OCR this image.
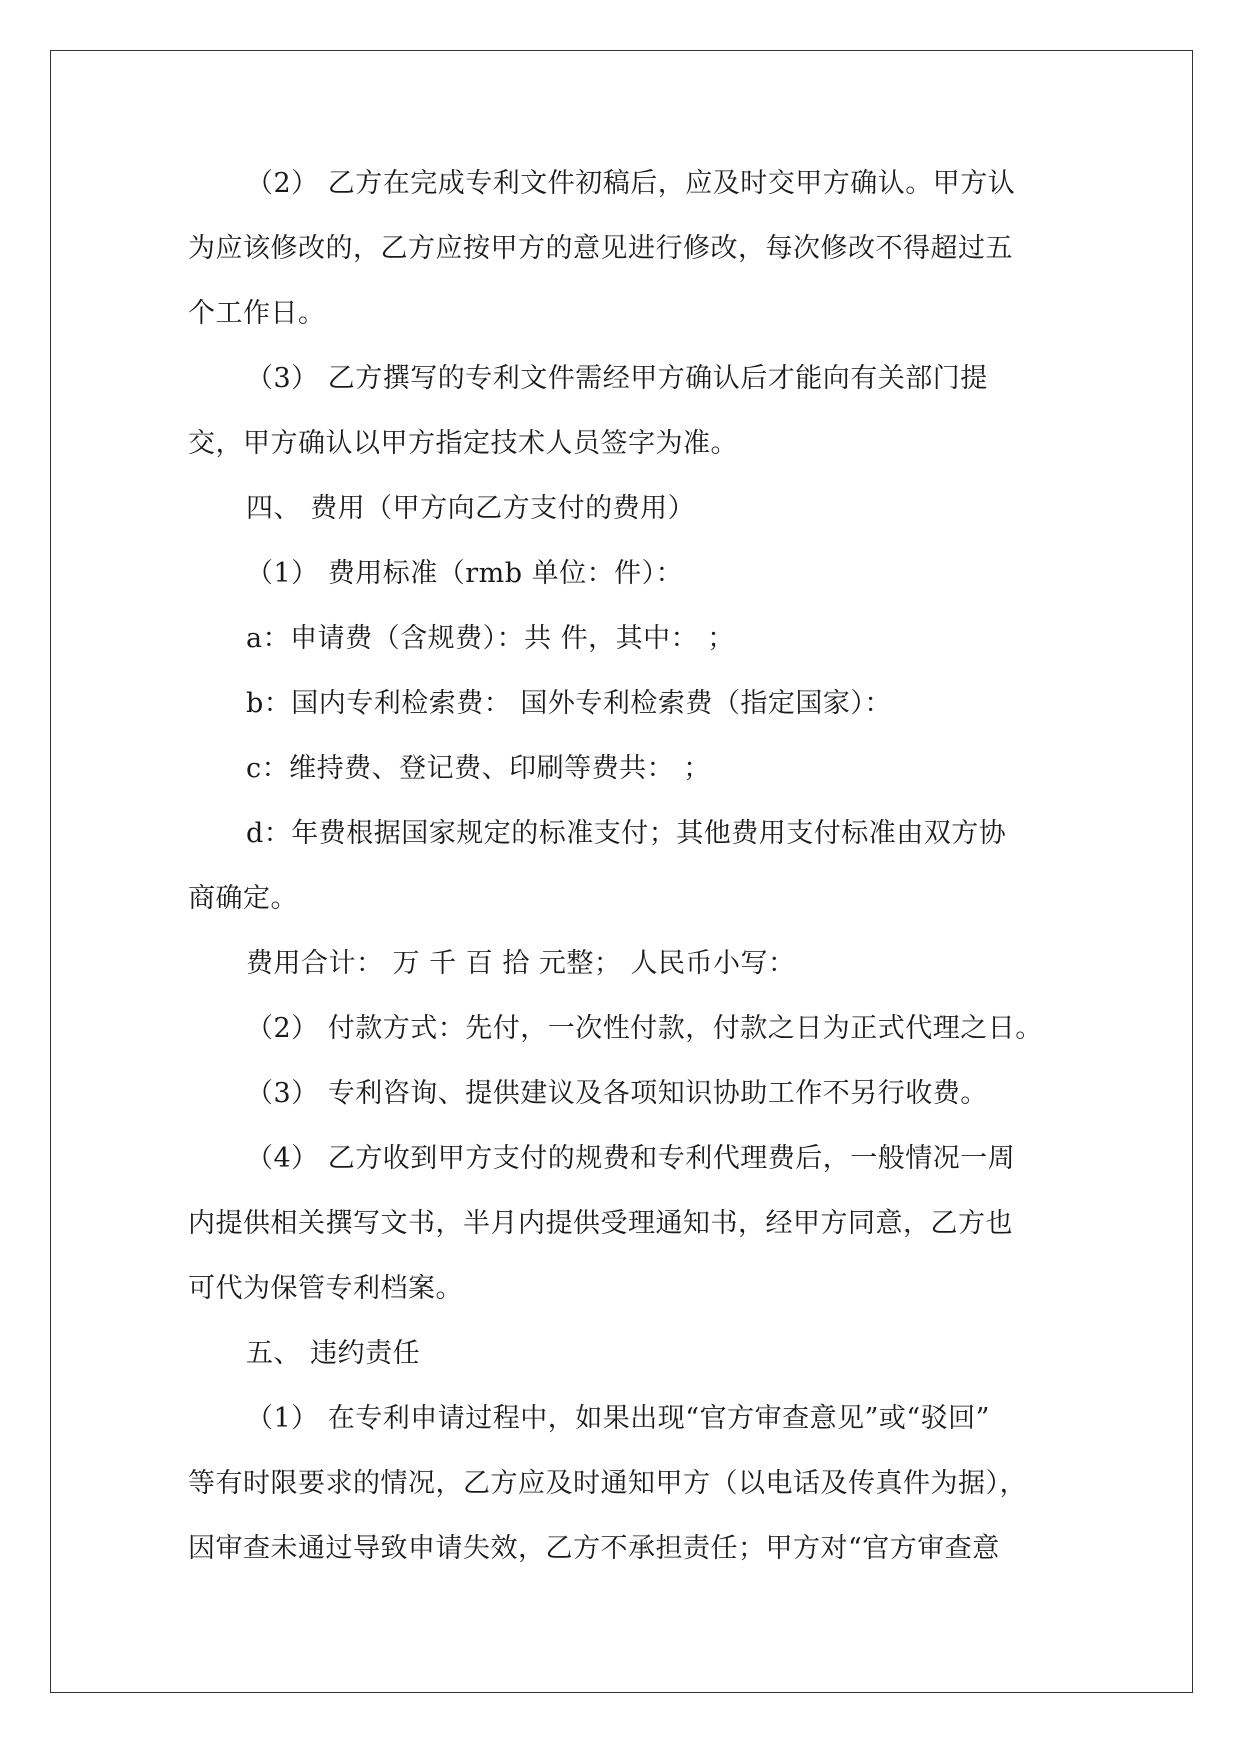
（2） 乙方在完成专利文件初稿后，应及时交甲方确认。甲方认
为应该修改的，乙方应按甲方的意见进行修改，每次修改不得超过五
个工作日。
（3） 乙方撰写的专利文件需经甲方确认后才能向有关部门提
交，甲方确认以甲方指定技术人员签字为准。
四、 费用（甲方向乙方支付的费用）
（1） 费用标准（rmb 单位：件）：
a：申请费（含规费）：共 件，其中： ；
b：国内专利检索费： 国外专利检索费（指定国家）：
c：维持费、登记费、印刷等费共： ；
d：年费根据国家规定的标准支付；其他费用支付标准由双方协
商确定。
费用合计： 万 千 百 拾 元整； 人民币小写：
（2） 付款方式：先付，一次性付款，付款之日为正式代理之日。
（3） 专利咨询、提供建议及各项知识协助工作不另行收费。
（4） 乙方收到甲方支付的规费和专利代理费后，一般情况一周
内提供相关撰写文书，半月内提供受理通知书，经甲方同意，乙方也
可代为保管专利档案。
五、 违约责任
（1） 在专利申请过程中，如果出现“官方审查意见”或“驳回”
等有时限要求的情况，乙方应及时通知甲方（以电话及传真件为据），
因审查未通过导致申请失效，乙方不承担责任；甲方对“官方审查意
